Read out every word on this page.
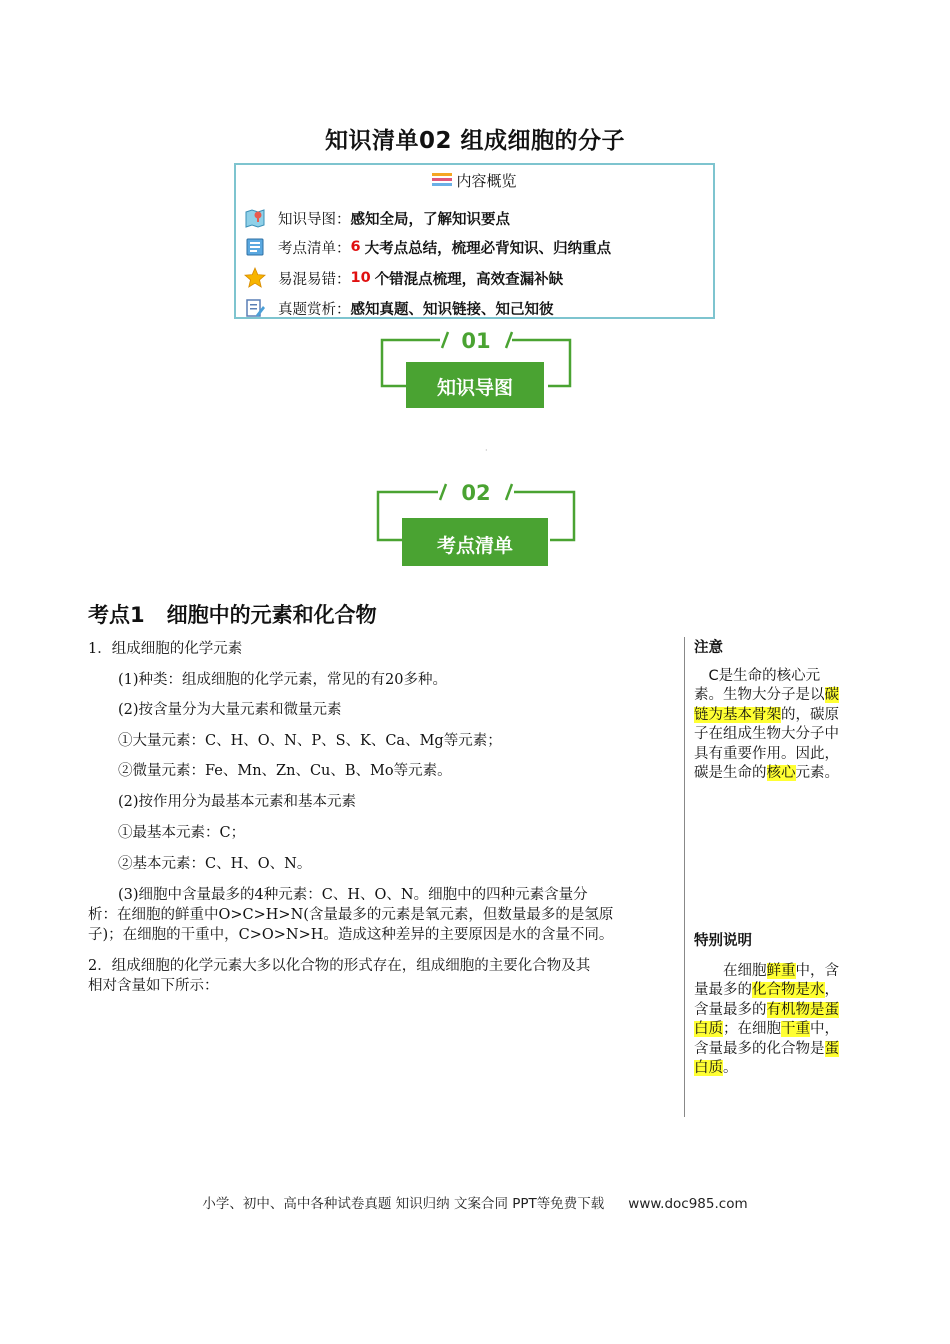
知识清单02 组成细胞的分子
内容概览
知识导图： 感知全局，了解知识要点
考点清单： 6 大考点总结，梳理必背知识、归纳重点
易混易错： 10 个错混点梳理，高效查漏补缺
真题赏析： 感知真题、知识链接、知己知彼
01
知识导图
·
02
考点清单
考点1 细胞中的元素和化合物
1．组成细胞的化学元素
(1)种类：组成细胞的化学元素，常见的有20多种。
(2)按含量分为大量元素和微量元素
①大量元素：C、H、O、N、P、S、K、Ca、Mg等元素；
②微量元素：Fe、Mn、Zn、Cu、B、Mo等元素。
(2)按作用分为最基本元素和基本元素
①最基本元素：C；
②基本元素：C、H、O、N。
(3)细胞中含量最多的4种元素：C、H、O、N。细胞中的四种元素含量分
析：在细胞的鲜重中O>C>H>N(含量最多的元素是氧元素，但数量最多的是氢原
子)；在细胞的干重中，C>O>N>H。造成这种差异的主要原因是水的含量不同。
2．组成细胞的化学元素大多以化合物的形式存在，组成细胞的主要化合物及其
相对含量如下所示：
注意
　C是生命的核心元
素。生物大分子是以碳
链为基本骨架的，碳原
子在组成生物大分子中
具有重要作用。因此，
碳是生命的核心元素。
特别说明
　　在细胞鲜重中，含
量最多的化合物是水，
含量最多的有机物是蛋
白质；在细胞干重中，
含量最多的化合物是蛋
白质。
小学、初中、高中各种试卷真题 知识归纳 文案合同 PPT等免费下载 www.doc985.com
